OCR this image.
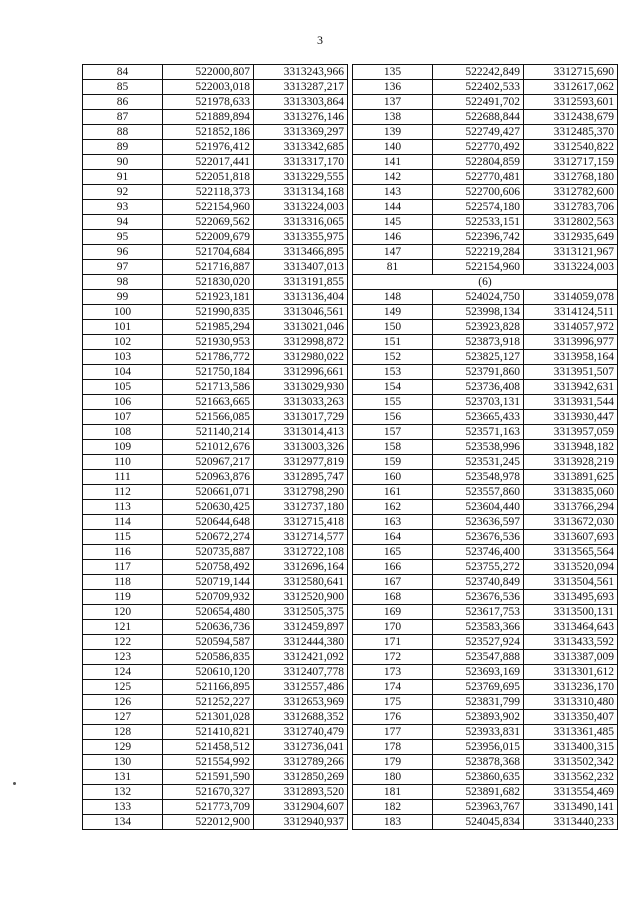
3
84	522000,807	3313243,966
85	522003,018	3313287,217
86	521978,633	3313303,864
87	521889,894	3313276,146
88	521852,186	3313369,297
89	521976,412	3313342,685
90	522017,441	3313317,170
91	522051,818	3313229,555
92	522118,373	3313134,168
93	522154,960	3313224,003
94	522069,562	3313316,065
95	522009,679	3313355,975
96	521704,684	3313466,895
97	521716,887	3313407,013
98	521830,020	3313191,855
99	521923,181	3313136,404
100	521990,835	3313046,561
101	521985,294	3313021,046
102	521930,953	3312998,872
103	521786,772	3312980,022
104	521750,184	3312996,661
105	521713,586	3313029,930
106	521663,665	3313033,263
107	521566,085	3313017,729
108	521140,214	3313014,413
109	521012,676	3313003,326
110	520967,217	3312977,819
111	520963,876	3312895,747
112	520661,071	3312798,290
113	520630,425	3312737,180
114	520644,648	3312715,418
115	520672,274	3312714,577
116	520735,887	3312722,108
117	520758,492	3312696,164
118	520719,144	3312580,641
119	520709,932	3312520,900
120	520654,480	3312505,375
121	520636,736	3312459,897
122	520594,587	3312444,380
123	520586,835	3312421,092
124	520610,120	3312407,778
125	521166,895	3312557,486
126	521252,227	3312653,969
127	521301,028	3312688,352
128	521410,821	3312740,479
129	521458,512	3312736,041
130	521554,992	3312789,266
131	521591,590	3312850,269
132	521670,327	3312893,520
133	521773,709	3312904,607
134	522012,900	3312940,937
135	522242,849	3312715,690
136	522402,533	3312617,062
137	522491,702	3312593,601
138	522688,844	3312438,679
139	522749,427	3312485,370
140	522770,492	3312540,822
141	522804,859	3312717,159
142	522770,481	3312768,180
143	522700,606	3312782,600
144	522574,180	3312783,706
145	522533,151	3312802,563
146	522396,742	3312935,649
147	522219,284	3313121,967
81	522154,960	3313224,003
(6)		
148	524024,750	3314059,078
149	523998,134	3314124,511
150	523923,828	3314057,972
151	523873,918	3313996,977
152	523825,127	3313958,164
153	523791,860	3313951,507
154	523736,408	3313942,631
155	523703,131	3313931,544
156	523665,433	3313930,447
157	523571,163	3313957,059
158	523538,996	3313948,182
159	523531,245	3313928,219
160	523548,978	3313891,625
161	523557,860	3313835,060
162	523604,440	3313766,294
163	523636,597	3313672,030
164	523676,536	3313607,693
165	523746,400	3313565,564
166	523755,272	3313520,094
167	523740,849	3313504,561
168	523676,536	3313495,693
169	523617,753	3313500,131
170	523583,366	3313464,643
171	523527,924	3313433,592
172	523547,888	3313387,009
173	523693,169	3313301,612
174	523769,695	3313236,170
175	523831,799	3313310,480
176	523893,902	3313350,407
177	523933,831	3313361,485
178	523956,015	3313400,315
179	523878,368	3313502,342
180	523860,635	3313562,232
181	523891,682	3313554,469
182	523963,767	3313490,141
183	524045,834	3313440,233
